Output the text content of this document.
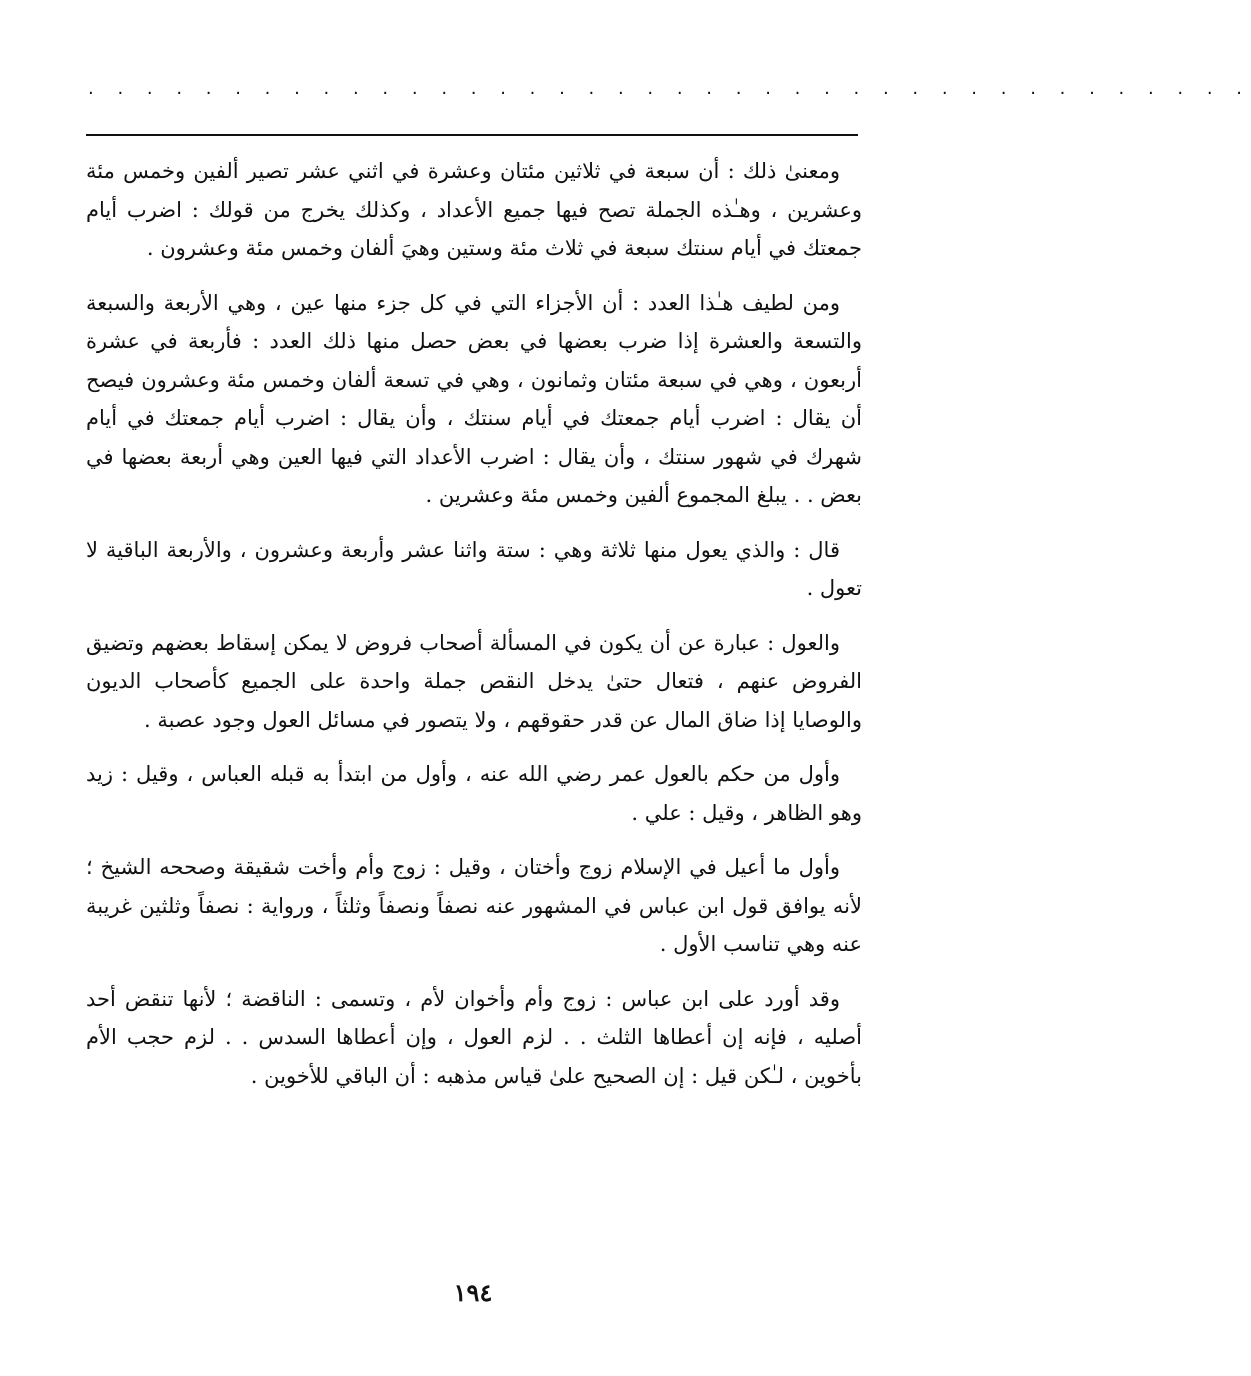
. . . . . . . . . . . . . . . . . . . . . . . . . . . . . . . . . . . . . . . .

ومعنىٰ ذلك : أن سبعة في ثلاثين مئتان وعشرة في اثني عشر تصير ألفين وخمس مئة وعشرين ، وهـٰذه الجملة تصح فيها جميع الأعداد ، وكذلك يخرج من قولك : اضرب أيام جمعتك في أيام سنتك سبعة في ثلاث مئة وستين وهيَ ألفان وخمس مئة وعشرون .

ومن لطيف هـٰذا العدد : أن الأجزاء التي في كل جزء منها عين ، وهي الأربعة والسبعة والتسعة والعشرة إذا ضرب بعضها في بعض حصل منها ذلك العدد : فأربعة في عشرة أربعون ، وهي في سبعة مئتان وثمانون ، وهي في تسعة ألفان وخمس مئة وعشرون فيصح أن يقال : اضرب أيام جمعتك في أيام سنتك ، وأن يقال : اضرب أيام جمعتك في أيام شهرك في شهور سنتك ، وأن يقال : اضرب الأعداد التي فيها العين وهي أربعة بعضها في بعض . . يبلغ المجموع ألفين وخمس مئة وعشرين .

قال : والذي يعول منها ثلاثة وهي : ستة واثنا عشر وأربعة وعشرون ، والأربعة الباقية لا تعول .

والعول : عبارة عن أن يكون في المسألة أصحاب فروض لا يمكن إسقاط بعضهم وتضيق الفروض عنهم ، فتعال حتىٰ يدخل النقص جملة واحدة على الجميع كأصحاب الديون والوصايا إذا ضاق المال عن قدر حقوقهم ، ولا يتصور في مسائل العول وجود عصبة .

وأول من حكم بالعول عمر رضي الله عنه ، وأول من ابتدأ به قبله العباس ، وقيل : زيد وهو الظاهر ، وقيل : علي .

وأول ما أعيل في الإسلام زوج وأختان ، وقيل : زوج وأم وأخت شقيقة وصححه الشيخ ؛ لأنه يوافق قول ابن عباس في المشهور عنه نصفاً ونصفاً وثلثاً ، ورواية : نصفاً وثلثين غريبة عنه وهي تناسب الأول .

وقد أورد على ابن عباس : زوج وأم وأخوان لأم ، وتسمى : الناقضة ؛ لأنها تنقض أحد أصليه ، فإنه إن أعطاها الثلث . . لزم العول ، وإن أعطاها السدس . . لزم حجب الأم بأخوين ، لـٰكن قيل : إن الصحيح علىٰ قياس مذهبه : أن الباقي للأخوين .

١٩٤
